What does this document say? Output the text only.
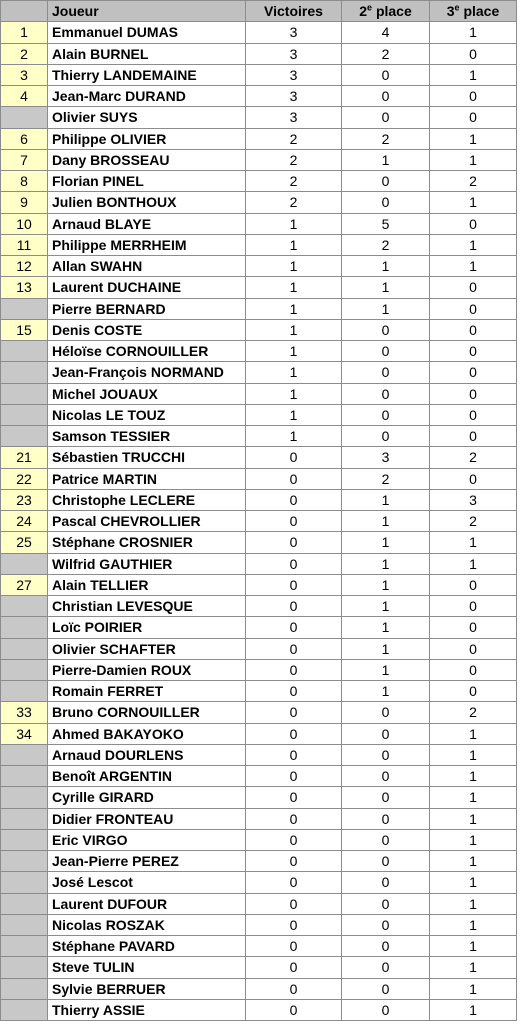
	Joueur	Victoires	2e place	3e place
1	Emmanuel DUMAS	3	4	1
2	Alain BURNEL	3	2	0
3	Thierry LANDEMAINE	3	0	1
4	Jean-Marc DURAND	3	0	0
	Olivier SUYS	3	0	0
6	Philippe OLIVIER	2	2	1
7	Dany BROSSEAU	2	1	1
8	Florian PINEL	2	0	2
9	Julien BONTHOUX	2	0	1
10	Arnaud BLAYE	1	5	0
11	Philippe MERRHEIM	1	2	1
12	Allan SWAHN	1	1	1
13	Laurent DUCHAINE	1	1	0
	Pierre BERNARD	1	1	0
15	Denis COSTE	1	0	0
	Héloïse CORNOUILLER	1	0	0
	Jean-François NORMAND	1	0	0
	Michel JOUAUX	1	0	0
	Nicolas LE TOUZ	1	0	0
	Samson TESSIER	1	0	0
21	Sébastien TRUCCHI	0	3	2
22	Patrice MARTIN	0	2	0
23	Christophe LECLERE	0	1	3
24	Pascal CHEVROLLIER	0	1	2
25	Stéphane CROSNIER	0	1	1
	Wilfrid GAUTHIER	0	1	1
27	Alain TELLIER	0	1	0
	Christian LEVESQUE	0	1	0
	Loïc POIRIER	0	1	0
	Olivier SCHAFTER	0	1	0
	Pierre-Damien ROUX	0	1	0
	Romain FERRET	0	1	0
33	Bruno CORNOUILLER	0	0	2
34	Ahmed BAKAYOKO	0	0	1
	Arnaud DOURLENS	0	0	1
	Benoît ARGENTIN	0	0	1
	Cyrille GIRARD	0	0	1
	Didier FRONTEAU	0	0	1
	Eric VIRGO	0	0	1
	Jean-Pierre PEREZ	0	0	1
	José Lescot	0	0	1
	Laurent DUFOUR	0	0	1
	Nicolas ROSZAK	0	0	1
	Stéphane PAVARD	0	0	1
	Steve TULIN	0	0	1
	Sylvie BERRUER	0	0	1
	Thierry ASSIE	0	0	1
